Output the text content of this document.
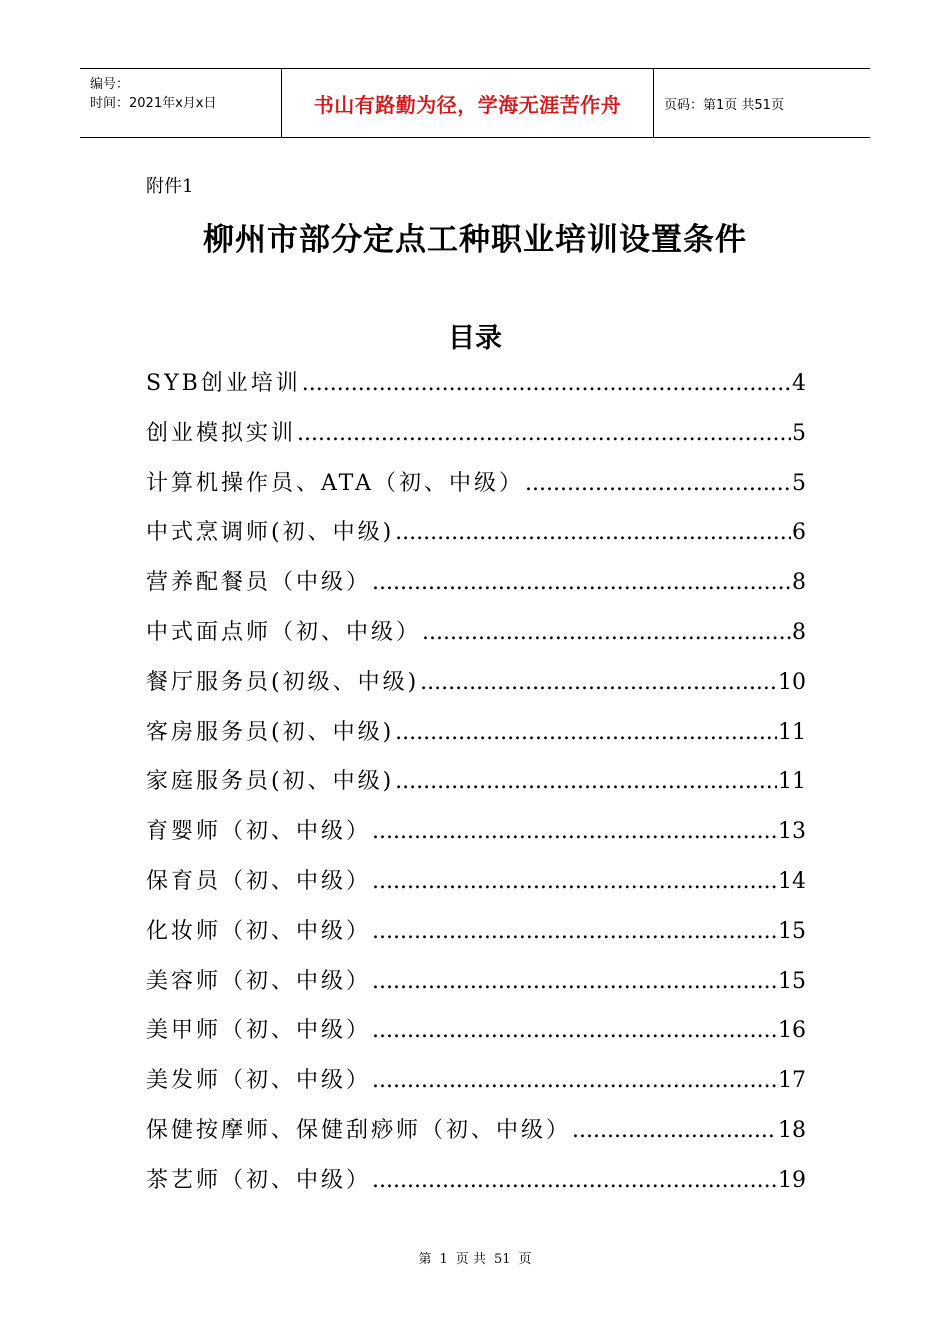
编号：
时间：2021年x月x日	书山有路勤为径，学海无涯苦作舟	页码：第1页 共51页
附件1
柳州市部分定点工种职业培训设置条件
目录
SYB创业培训 .....	4
创业模拟实训 .....	5
计算机操作员、ATA（初、中级） .....	5
中式烹调师(初、中级) .....	6
营养配餐员（中级） .....	8
中式面点师（初、中级） .....	8
餐厅服务员(初级、中级) .....	10
客房服务员(初、中级) .....	11
家庭服务员(初、中级) .....	11
育婴师（初、中级） .....	13
保育员（初、中级） .....	14
化妆师（初、中级） .....	15
美容师（初、中级） .....	15
美甲师（初、中级） .....	16
美发师（初、中级） .....	17
保健按摩师、保健刮痧师（初、中级） .....	18
茶艺师（初、中级） .....	19
第 1 页 共 51 页
